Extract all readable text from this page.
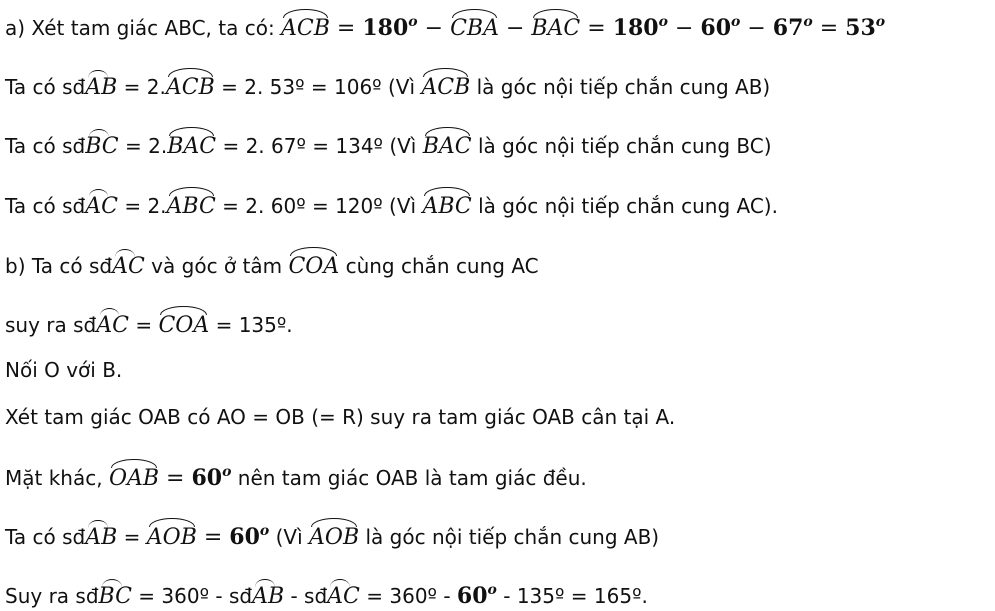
a) Xét tam giác ABC, ta có: ACB = $180^o$ − CBA − BAC = $180^o - 60^o - 67^o = 53^o$
Ta có sđAB = 2.ACB = 2. 53º = 106º (Vì ACB là góc nội tiếp chắn cung AB)
Ta có sđBC = 2.BAC = 2. 67º = 134º (Vì BAC là góc nội tiếp chắn cung BC)
Ta có sđAC = 2.ABC = 2. 60º = 120º (Vì ABC là góc nội tiếp chắn cung AC).
b) Ta có sđAC và góc ở tâm COA cùng chắn cung AC
suy ra sđAC = COA = 135º.
Nối O với B.
Xét tam giác OAB có AO = OB (= R) suy ra tam giác OAB cân tại A.
Mặt khác, OAB = $60^o$ nên tam giác OAB là tam giác đều.
Ta có sđAB = AOB = $60^o$ (Vì AOB là góc nội tiếp chắn cung AB)
Suy ra sđBC = 360º - sđAB - sđAC = 360º - 60$^o$ - 135º = 165º.
